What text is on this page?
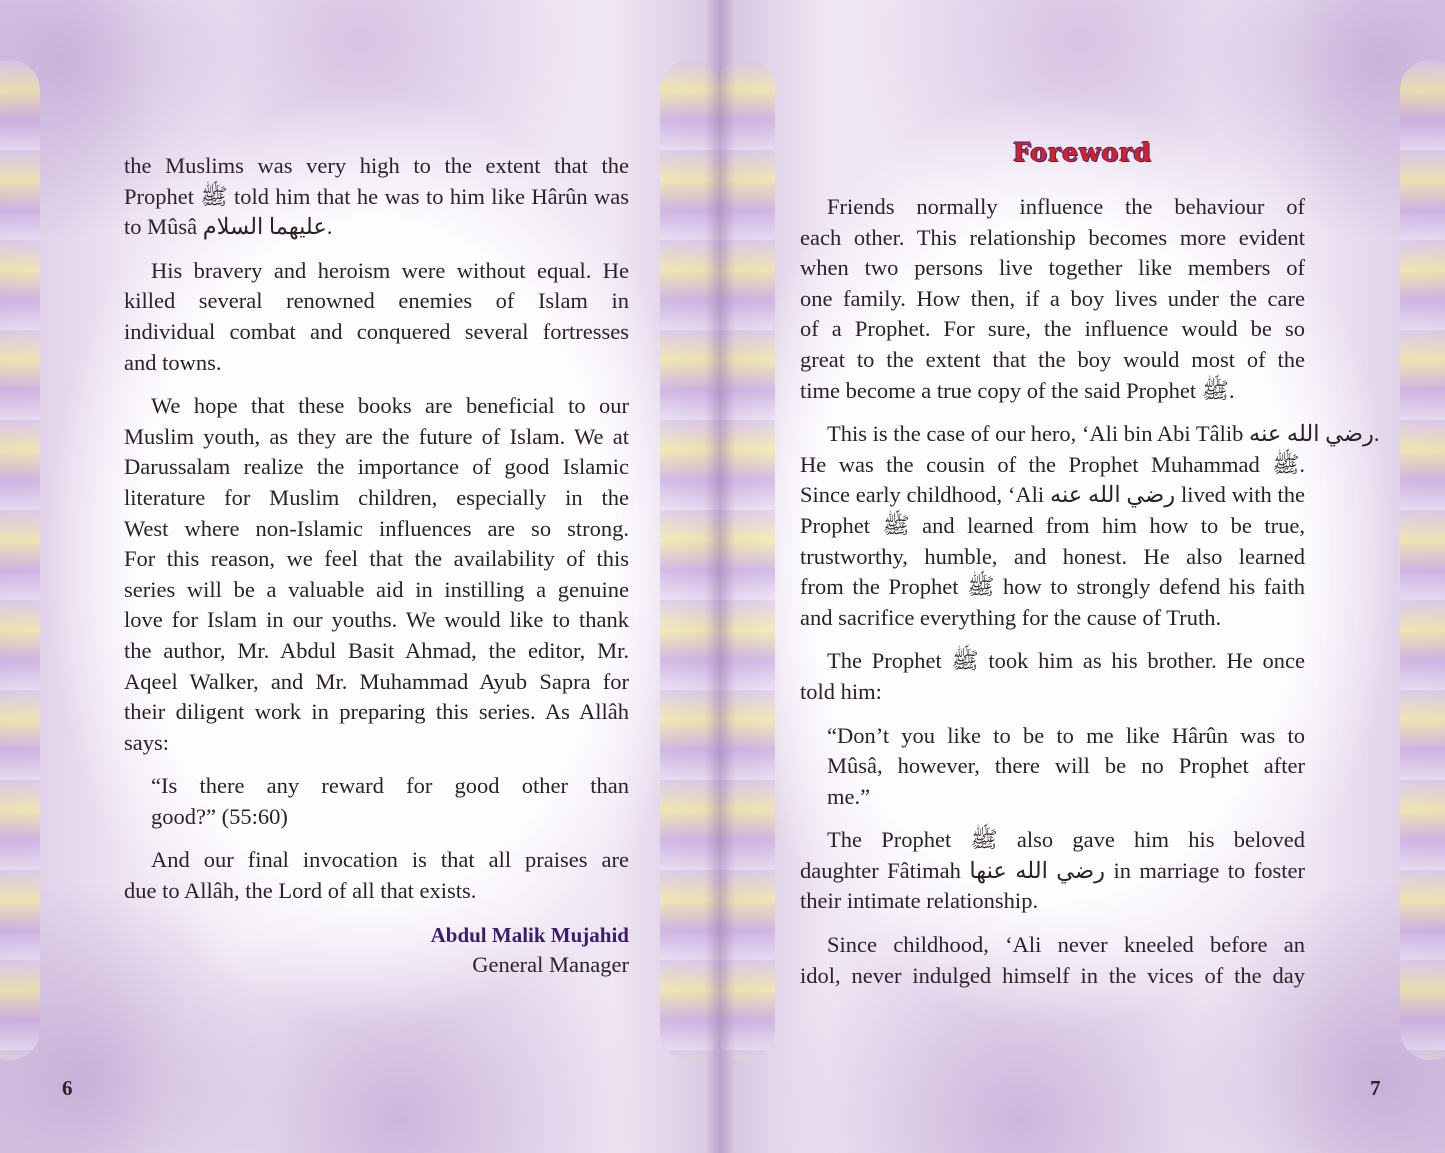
the Muslims was very high to the extent that the
Prophet ﷺ told him that he was to him like Hârûn was
to Mûsâ عليهما السلام.
His bravery and heroism were without equal. He
killed several renowned enemies of Islam in
individual combat and conquered several fortresses
and towns.
We hope that these books are beneficial to our
Muslim youth, as they are the future of Islam. We at
Darussalam realize the importance of good Islamic
literature for Muslim children, especially in the
West where non-Islamic influences are so strong.
For this reason, we feel that the availability of this
series will be a valuable aid in instilling a genuine
love for Islam in our youths. We would like to thank
the author, Mr. Abdul Basit Ahmad, the editor, Mr.
Aqeel Walker, and Mr. Muhammad Ayub Sapra for
their diligent work in preparing this series. As Allâh
says:
“Is there any reward for good other than
good?” (55:60)
And our final invocation is that all praises are
due to Allâh, the Lord of all that exists.
Abdul Malik Mujahid
General Manager
6
Foreword
Friends normally influence the behaviour of
each other. This relationship becomes more evident
when two persons live together like members of
one family. How then, if a boy lives under the care
of a Prophet. For sure, the influence would be so
great to the extent that the boy would most of the
time become a true copy of the said Prophet ﷺ.
This is the case of our hero, ‘Ali bin Abi Tâlib رضي الله عنه.
He was the cousin of the Prophet Muhammad ﷺ.
Since early childhood, ‘Ali رضي الله عنه lived with the
Prophet ﷺ and learned from him how to be true,
trustworthy, humble, and honest. He also learned
from the Prophet ﷺ how to strongly defend his faith
and sacrifice everything for the cause of Truth.
The Prophet ﷺ took him as his brother. He once
told him:
“Don’t you like to be to me like Hârûn was to
Mûsâ, however, there will be no Prophet after
me.”
The Prophet ﷺ also gave him his beloved
daughter Fâtimah رضي الله عنها in marriage to foster
their intimate relationship.
Since childhood, ‘Ali never kneeled before an
idol, never indulged himself in the vices of the day
7
